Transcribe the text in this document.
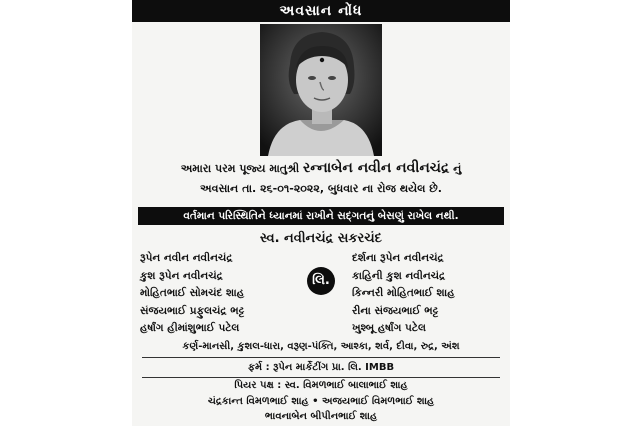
અવસાન નોંધ
અમારા પરમ પૂજ્ય માતુશ્રી રન્નાબેન નવીન નવીનચંદ્ર નું
અવસાન તા. ૨૬-૦૧-૨૦૨૨, બુધવાર ના રોજ થયેલ છે.
વર્તમાન પરિસ્થિતિને ધ્યાનમાં રાખીને સદ્‌ગતનું બેસણું રાખેલ નથી.
સ્વ. નવીનચંદ્ર સકરચંદ
રૂપેન નવીન નવીનચંદ્ર
કુશ રૂપેન નવીનચંદ્ર
મોહિતભાઈ સોમચંદ શાહ
સંજયભાઈ પ્રફુલચંદ્ર ભટ્ટ
હર્ષાંગ હીમાંશુભાઈ પટેલ
લિ.
દર્શના રૂપેન નવીનચંદ્ર
કાહિની કુશ નવીનચંદ્ર
કિન્નરી મોહિતભાઈ શાહ
રીના સંજયભાઈ ભટ્ટ
ખુશ્બૂ હર્ષાંગ પટેલ
કર્ણ-માનસી, કુશલ-ધારા, વરૂણ-પંક્તિ, આશ્કા, શર્વ, દીવા, રુદ્ર, અંશ
ફર્મ : રૂપેન માર્કેટીંગ પ્રા. લિ. IMBB
પિયર પક્ષ : સ્વ. વિમળભાઈ બાલાભાઈ શાહ
ચંદ્રકાન્ત વિમળભાઈ શાહ • અજયભાઈ વિમળભાઈ શાહ
ભાવનાબેન બીપીનભાઈ શાહ
